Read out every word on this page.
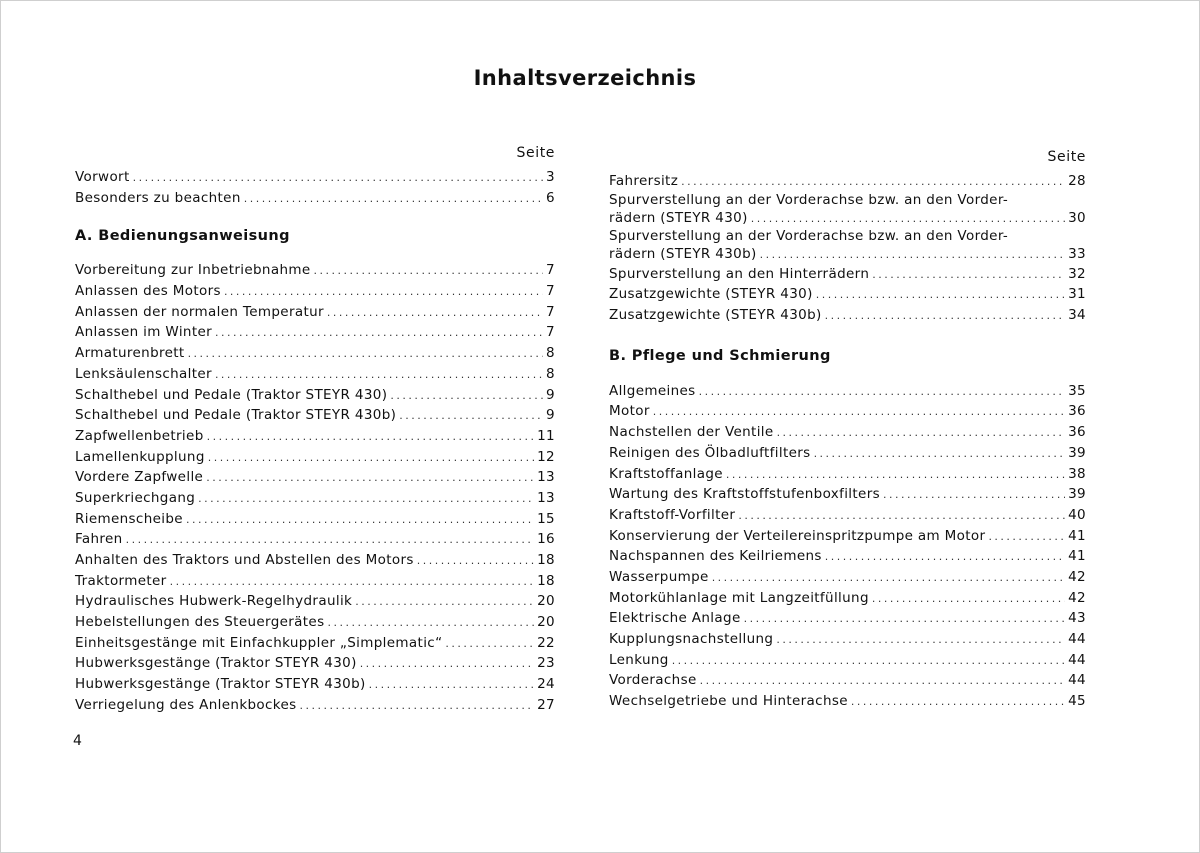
Inhaltsverzeichnis
Seite
Vorwort .....	3
Besonders zu beachten .....	6
A. Bedienungsanweisung
Vorbereitung zur Inbetriebnahme .....	7
Anlassen des Motors .....	7
Anlassen der normalen Temperatur .....	7
Anlassen im Winter .....	7
Armaturenbrett .....	8
Lenksäulenschalter .....	8
Schalthebel und Pedale (Traktor STEYR 430) .....	9
Schalthebel und Pedale (Traktor STEYR 430b) .....	9
Zapfwellenbetrieb .....	11
Lamellenkupplung .....	12
Vordere Zapfwelle .....	13
Superkriechgang .....	13
Riemenscheibe .....	15
Fahren .....	16
Anhalten des Traktors und Abstellen des Motors .....	18
Traktormeter .....	18
Hydraulisches Hubwerk-Regelhydraulik .....	20
Hebelstellungen des Steuergerätes .....	20
Einheitsgestänge mit Einfachkuppler „Simplematic“ .....	22
Hubwerksgestänge (Traktor STEYR 430) .....	23
Hubwerksgestänge (Traktor STEYR 430b) .....	24
Verriegelung des Anlenkbockes .....	27
Seite
Fahrersitz .....	28
Spurverstellung an der Vorderachse bzw. an den Vorder-
rädern (STEYR 430) .....	30
Spurverstellung an der Vorderachse bzw. an den Vorder-
rädern (STEYR 430b) .....	33
Spurverstellung an den Hinterrädern .....	32
Zusatzgewichte (STEYR 430) .....	31
Zusatzgewichte (STEYR 430b) .....	34
B. Pflege und Schmierung
Allgemeines .....	35
Motor .....	36
Nachstellen der Ventile .....	36
Reinigen des Ölbadluftfilters .....	39
Kraftstoffanlage .....	38
Wartung des Kraftstoffstufenboxfilters .....	39
Kraftstoff-Vorfilter .....	40
Konservierung der Verteilereinspritzpumpe am Motor .....	41
Nachspannen des Keilriemens .....	41
Wasserpumpe .....	42
Motorkühlanlage mit Langzeitfüllung .....	42
Elektrische Anlage .....	43
Kupplungsnachstellung .....	44
Lenkung .....	44
Vorderachse .....	44
Wechselgetriebe und Hinterachse .....	45
4
